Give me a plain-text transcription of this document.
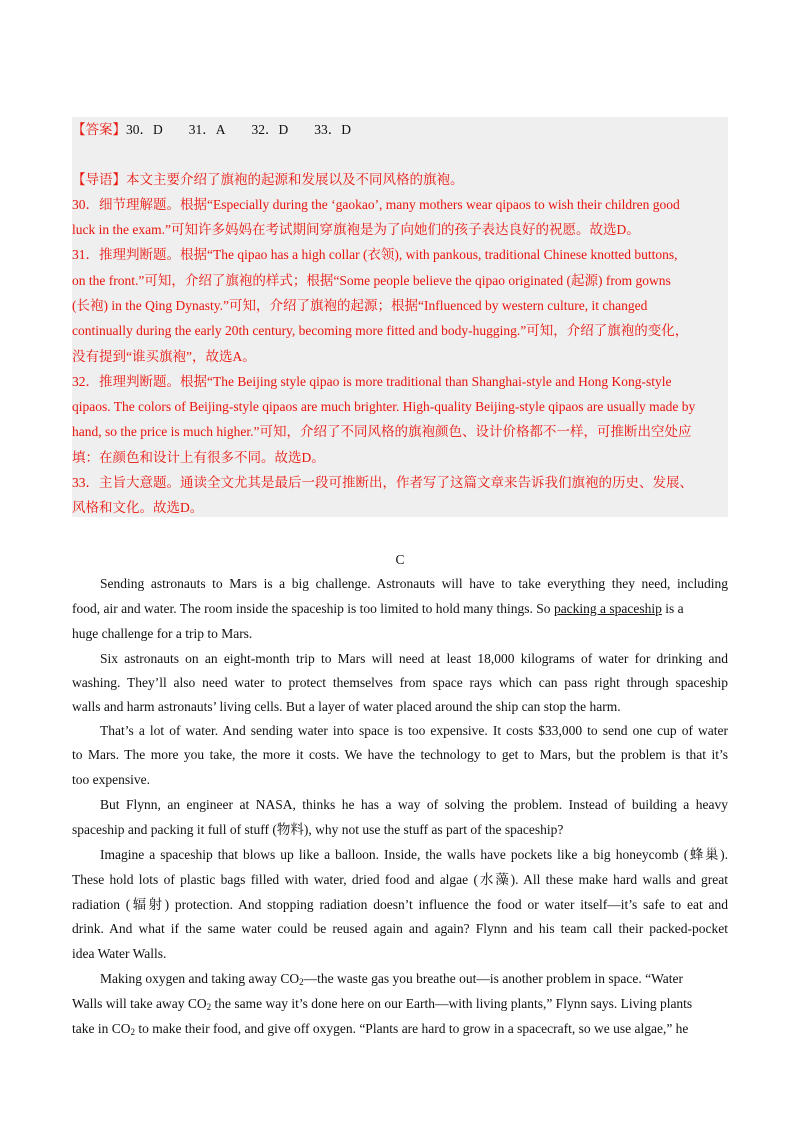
【答案】30．D 31．A 32．D 33．D
【导语】本文主要介绍了旗袍的起源和发展以及不同风格的旗袍。
30．细节理解题。根据“Especially during the ‘gaokao’, many mothers wear qipaos to wish their children good
luck in the exam.”可知许多妈妈在考试期间穿旗袍是为了向她们的孩子表达良好的祝愿。故选D。
31．推理判断题。根据“The qipao has a high collar (衣领), with pankous, traditional Chinese knotted buttons,
on the front.”可知，介绍了旗袍的样式；根据“Some people believe the qipao originated (起源) from gowns
(长袍) in the Qing Dynasty.”可知，介绍了旗袍的起源；根据“Influenced by western culture, it changed
continually during the early 20th century, becoming more fitted and body-hugging.”可知，介绍了旗袍的变化，
没有提到“谁买旗袍”，故选A。
32．推理判断题。根据“The Beijing style qipao is more traditional than Shanghai-style and Hong Kong-style
qipaos. The colors of Beijing-style qipaos are much brighter. High-quality Beijing-style qipaos are usually made by
hand, so the price is much higher.”可知，介绍了不同风格的旗袍颜色、设计价格都不一样，可推断出空处应
填：在颜色和设计上有很多不同。故选D。
33．主旨大意题。通读全文尤其是最后一段可推断出，作者写了这篇文章来告诉我们旗袍的历史、发展、
风格和文化。故选D。
C
Sending astronauts to Mars is a big challenge. Astronauts will have to take everything they need, including
food, air and water. The room inside the spaceship is too limited to hold many things. So packing a spaceship is a
huge challenge for a trip to Mars.
Six astronauts on an eight-month trip to Mars will need at least 18,000 kilograms of water for drinking and
washing. They’ll also need water to protect themselves from space rays which can pass right through spaceship
walls and harm astronauts’ living cells. But a layer of water placed around the ship can stop the harm.
That’s a lot of water. And sending water into space is too expensive. It costs $33,000 to send one cup of water
to Mars. The more you take, the more it costs. We have the technology to get to Mars, but the problem is that it’s
too expensive.
But Flynn, an engineer at NASA, thinks he has a way of solving the problem. Instead of building a heavy
spaceship and packing it full of stuff (物料), why not use the stuff as part of the spaceship?
Imagine a spaceship that blows up like a balloon. Inside, the walls have pockets like a big honeycomb (蜂巢).
These hold lots of plastic bags filled with water, dried food and algae (水藻). All these make hard walls and great
radiation (辐射) protection. And stopping radiation doesn’t influence the food or water itself—it’s safe to eat and
drink. And what if the same water could be reused again and again? Flynn and his team call their packed-pocket
idea Water Walls.
Making oxygen and taking away $CO_2—the$ waste gas you breathe out—is another problem in space. “Water
Walls will take away $CO_2$ the same way it’s done here on our Earth—with living plants,” Flynn says. Living plants
take in $CO_2$ to make their food, and give off oxygen. “Plants are hard to grow in a spacecraft, so we use algae,” he
